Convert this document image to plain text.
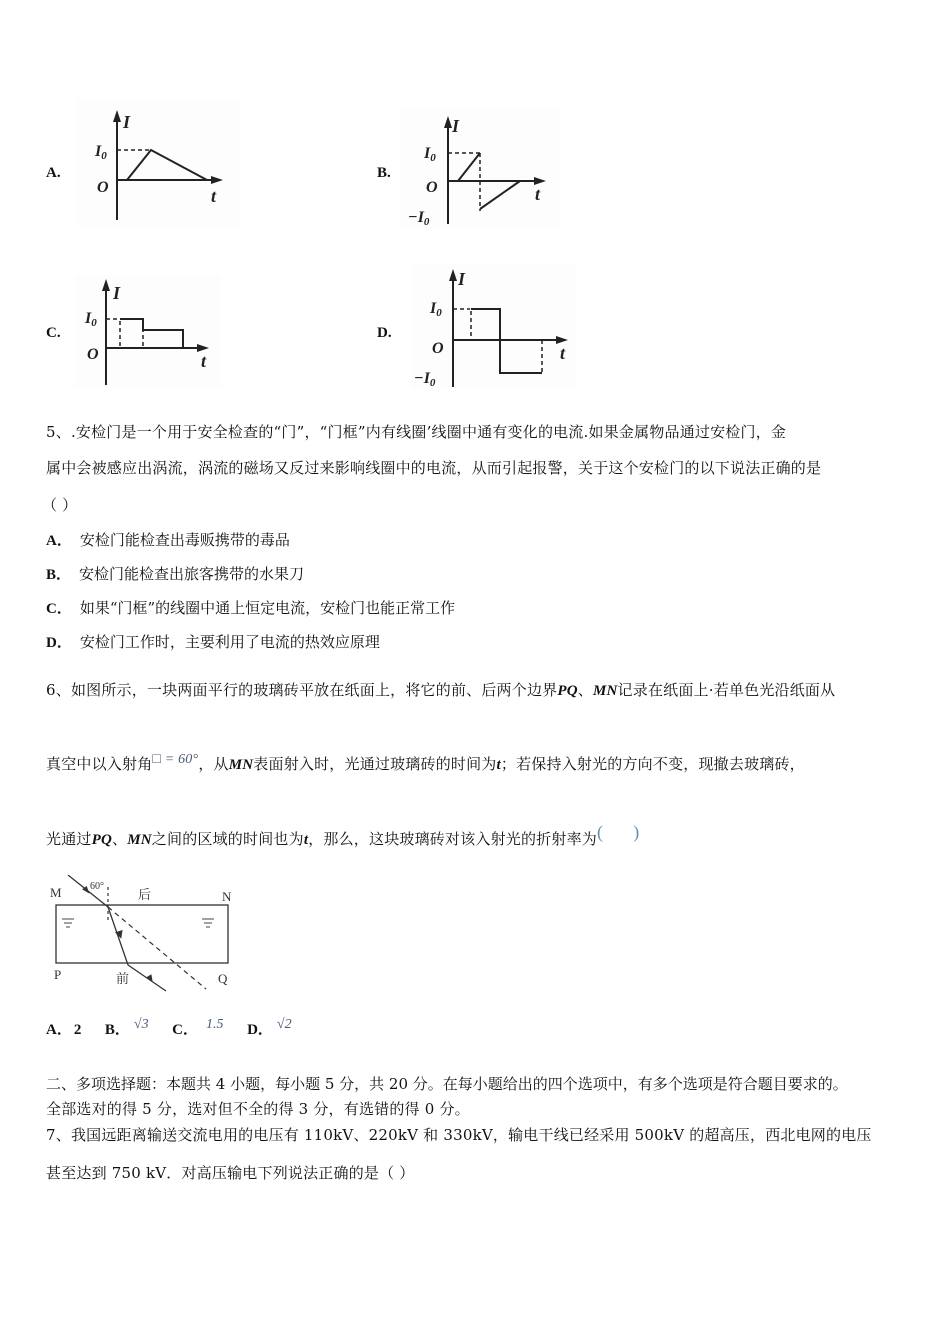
A.
I
I0
O	t
B.
I
I0
O
−I0
t
C.
I
I0
O	t
D.
I
I0
O
−I0
t
5、.安检门是一个用于安全检查的“门”，“门框”内有线圈’线圈中通有变化的电流.如果金属物品通过安检门，金
属中会被感应出涡流，涡流的磁场又反过来影响线圈中的电流，从而引起报警，关于这个安检门的以下说法正确的是
（ ）
A． 安检门能检查出毒贩携带的毒品
B． 安检门能检查出旅客携带的水果刀
C． 如果“门框”的线圈中通上恒定电流，安检门也能正常工作
D． 安检门工作时，主要利用了电流的热效应原理
6、如图所示，一块两面平行的玻璃砖平放在纸面上，将它的前、后两个边界PQ、MN记录在纸面上·若单色光沿纸面从
真空中以入射角□ = 60°，从MN表面射入时，光通过玻璃砖的时间为t；若保持入射光的方向不变，现撤去玻璃砖，
光通过PQ、MN之间的区域的时间也为t，那么，这块玻璃砖对该入射光的折射率为( )
M	N
P	Q
60°
后
前
A． 2 B． √3 C． 1.5 D． √2
二、多项选择题：本题共 4 小题，每小题 5 分，共 20 分。在每小题给出的四个选项中，有多个选项是符合题目要求的。
全部选对的得 5 分，选对但不全的得 3 分，有选错的得 0 分。
7、我国远距离输送交流电用的电压有 110kV、220kV 和 330kV，输电干线已经采用 500kV 的超高压，西北电网的电压
甚至达到 750 kV．对高压输电下列说法正确的是（ ）
